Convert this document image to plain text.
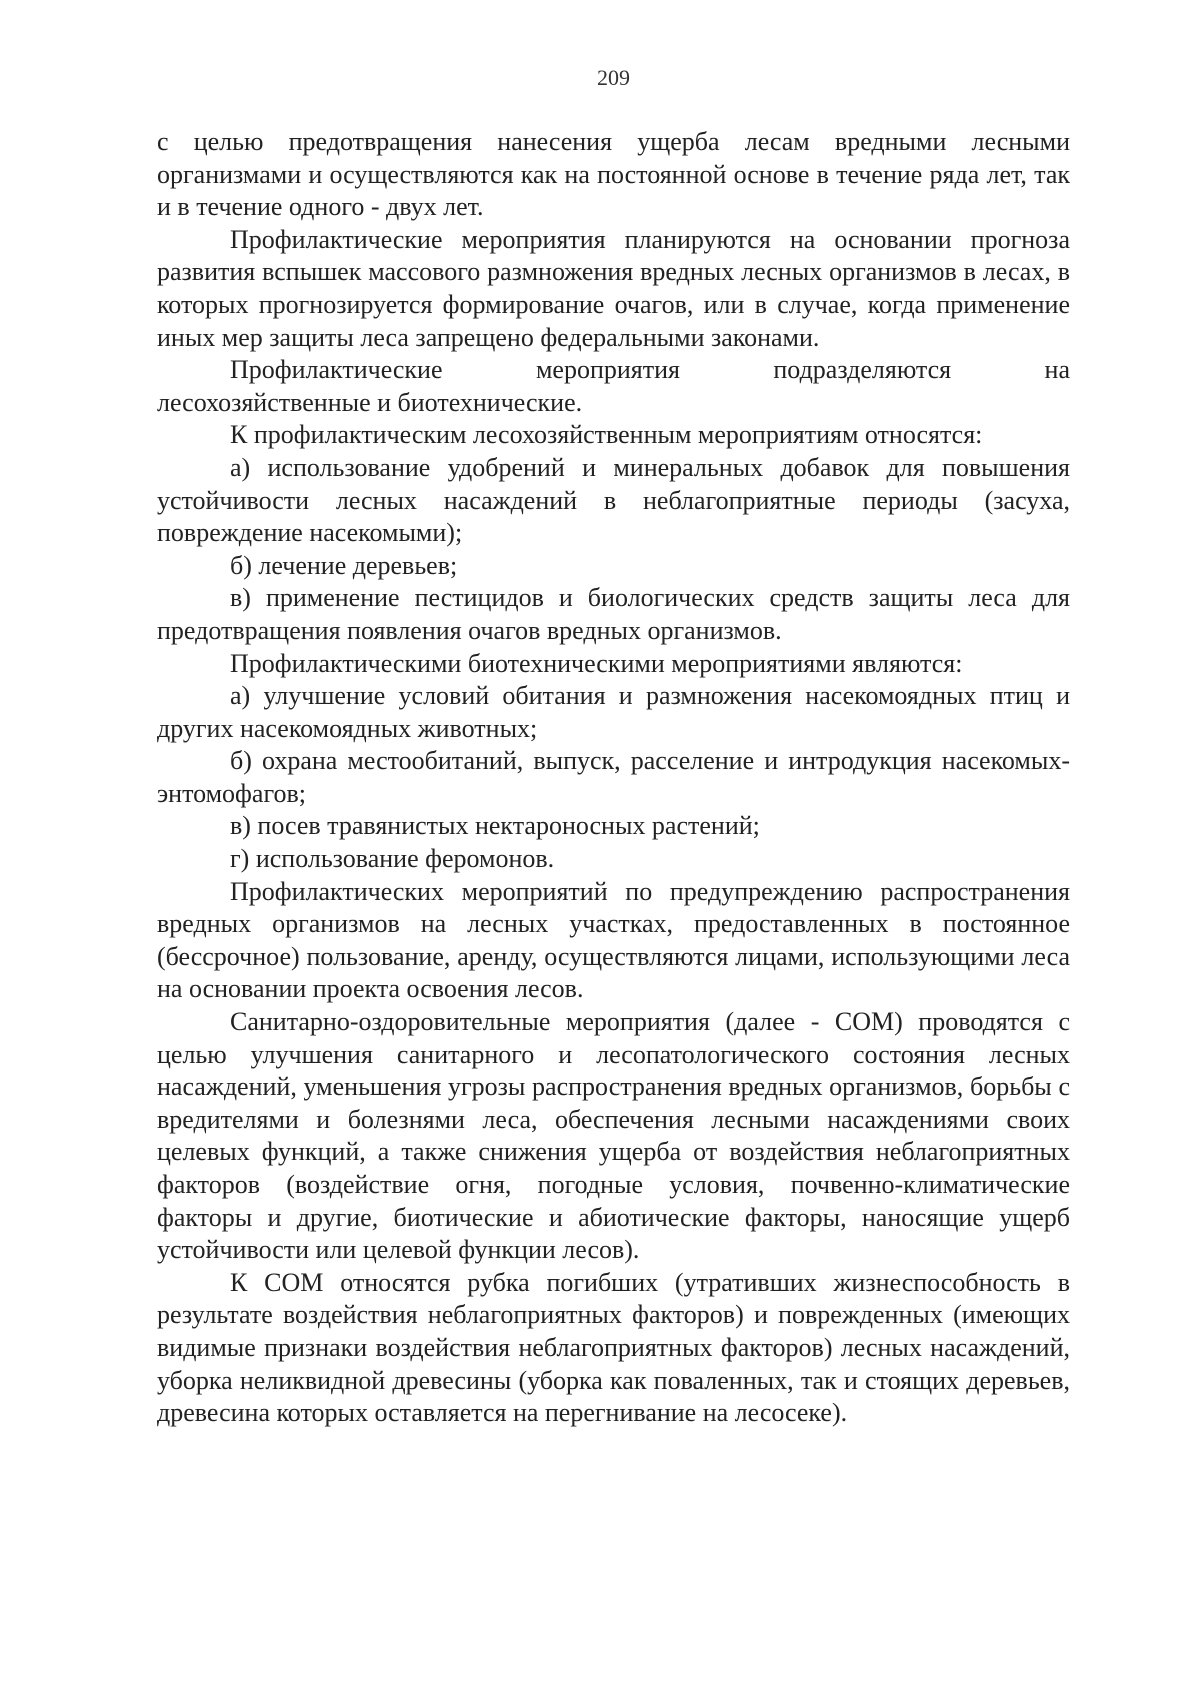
209

с целью предотвращения нанесения ущерба лесам вредными лесными организмами и осуществляются как на постоянной основе в течение ряда лет, так и в течение одного - двух лет.

Профилактические мероприятия планируются на основании прогноза развития вспышек массового размножения вредных лесных организмов в лесах, в которых прогнозируется формирование очагов, или в случае, когда применение иных мер защиты леса запрещено федеральными законами.

Профилактические мероприятия подразделяются на

лесохозяйственные и биотехнические.

К профилактическим лесохозяйственным мероприятиям относятся:

а) использование удобрений и минеральных добавок для повышения устойчивости лесных насаждений в неблагоприятные периоды (засуха, повреждение насекомыми);

б) лечение деревьев;

в) применение пестицидов и биологических средств защиты леса для предотвращения появления очагов вредных организмов.

Профилактическими биотехническими мероприятиями являются:

а) улучшение условий обитания и размножения насекомоядных птиц и других насекомоядных животных;

б) охрана местообитаний, выпуск, расселение и интродукция насекомых-энтомофагов;

в) посев травянистых нектароносных растений;

г) использование феромонов.

Профилактических мероприятий по предупреждению распространения вредных организмов на лесных участках, предоставленных в постоянное (бессрочное) пользование, аренду, осуществляются лицами, использующими леса на основании проекта освоения лесов.

Санитарно-оздоровительные мероприятия (далее - СОМ) проводятся с целью улучшения санитарного и лесопатологического состояния лесных насаждений, уменьшения угрозы распространения вредных организмов, борьбы с вредителями и болезнями леса, обеспечения лесными насаждениями своих целевых функций, а также снижения ущерба от воздействия неблагоприятных факторов (воздействие огня, погодные условия, почвенно-климатические факторы и другие, биотические и абиотические факторы, наносящие ущерб устойчивости или целевой функции лесов).

К СОМ относятся рубка погибших (утративших жизнеспособность в результате воздействия неблагоприятных факторов) и поврежденных (имеющих видимые признаки воздействия неблагоприятных факторов) лесных насаждений, уборка неликвидной древесины (уборка как поваленных, так и стоящих деревьев, древесина которых оставляется на перегнивание на лесосеке).
